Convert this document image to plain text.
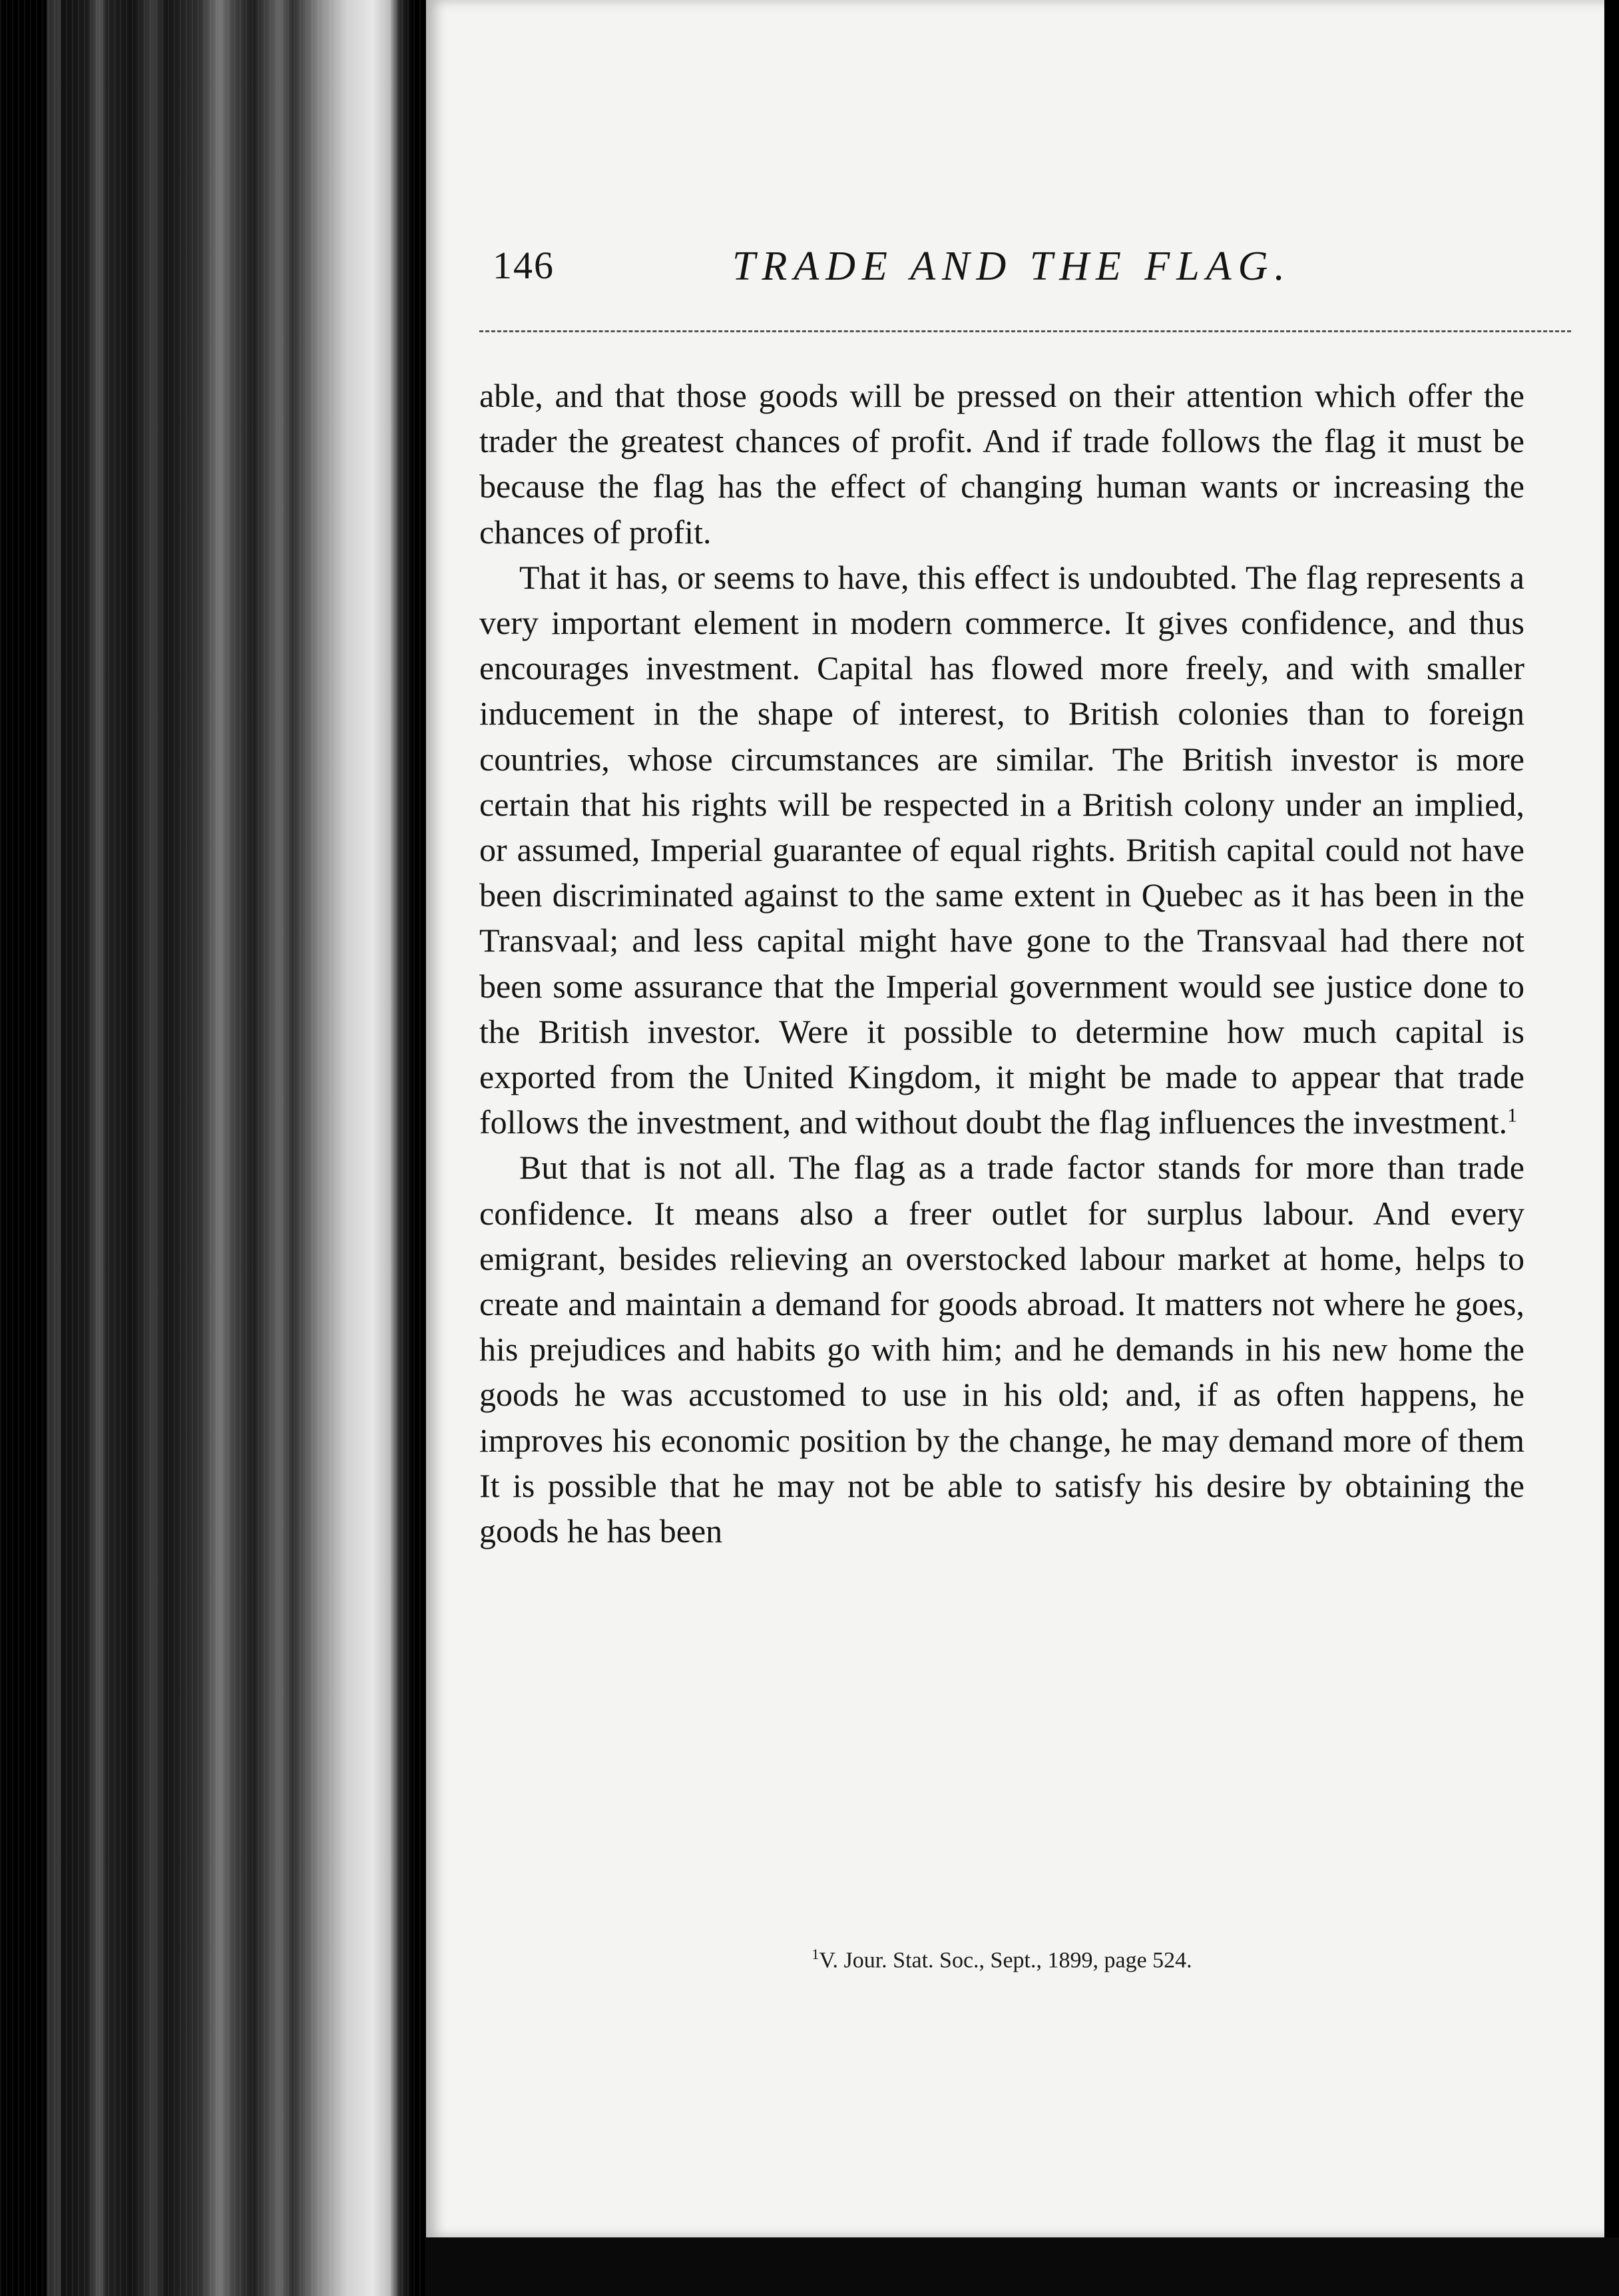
146	TRADE AND THE FLAG.

able, and that those goods will be pressed on their attention which offer the trader the greatest chances of profit. And if trade follows the flag it must be because the flag has the effect of changing human wants or increasing the chances of profit.

That it has, or seems to have, this effect is undoubted. The flag represents a very important element in modern commerce. It gives confidence, and thus encourages investment. Capital has flowed more freely, and with smaller inducement in the shape of interest, to British colonies than to foreign countries, whose circumstances are similar. The British investor is more certain that his rights will be respected in a British colony under an implied, or assumed, Imperial guarantee of equal rights. British capital could not have been discriminated against to the same extent in Quebec as it has been in the Transvaal; and less capital might have gone to the Transvaal had there not been some assurance that the Imperial government would see justice done to the British investor. Were it possible to determine how much capital is exported from the United Kingdom, it might be made to appear that trade follows the investment, and without doubt the flag influences the investment.$^1$

But that is not all. The flag as a trade factor stands for more than trade confidence. It means also a freer outlet for surplus labour. And every emigrant, besides relieving an overstocked labour market at home, helps to create and maintain a demand for goods abroad. It matters not where he goes, his prejudices and habits go with him; and he demands in his new home the goods he was accustomed to use in his old; and, if as often happens, he improves his economic position by the change, he may demand more of them It is possible that he may not be able to satisfy his desire by obtaining the goods he has been

$^1$V. Jour. Stat. Soc., Sept., 1899, page 524.
